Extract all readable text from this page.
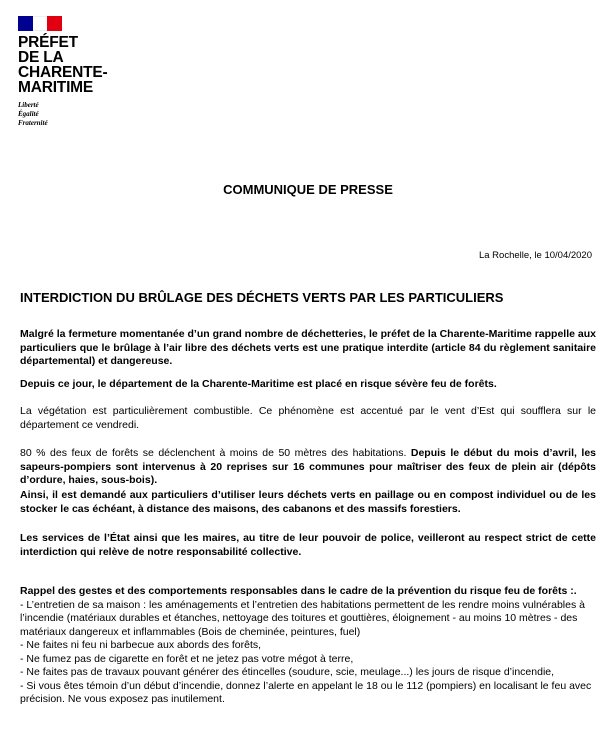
PRÉFET
DE LA
CHARENTE-
MARITIME
Liberté
Égalité
Fraternité
COMMUNIQUE DE PRESSE
La Rochelle, le 10/04/2020
INTERDICTION DU BRÛLAGE DES DÉCHETS VERTS PAR LES PARTICULIERS
Malgré la fermeture momentanée d’un grand nombre de déchetteries, le préfet de la Charente-Maritime rappelle aux particuliers que le brûlage à l’air libre des déchets verts est une pratique interdite (article 84 du règlement sanitaire départemental) et dangereuse.
Depuis ce jour, le département de la Charente-Maritime est placé en risque sévère feu de forêts.
La végétation est particulièrement combustible. Ce phénomène est accentué par le vent d’Est qui soufflera sur le département ce vendredi.
80 % des feux de forêts se déclenchent à moins de 50 mètres des habitations. Depuis le début du mois d’avril, les sapeurs-pompiers sont intervenus à 20 reprises sur 16 communes pour maîtriser des feux de plein air (dépôts d’ordure, haies, sous-bois).
Ainsi, il est demandé aux particuliers d’utiliser leurs déchets verts en paillage ou en compost individuel ou de les stocker le cas échéant, à distance des maisons, des cabanons et des massifs forestiers.
Les services de l’État ainsi que les maires, au titre de leur pouvoir de police, veilleront au respect strict de cette interdiction qui relève de notre responsabilité collective.
Rappel des gestes et des comportements responsables dans le cadre de la prévention du risque feu de forêts :.
- L’entretien de sa maison : les aménagements et l’entretien des habitations permettent de les rendre moins vulnérables à l’incendie (matériaux durables et étanches, nettoyage des toitures et gouttières, éloignement - au moins 10 mètres - des matériaux dangereux et inflammables (Bois de cheminée, peintures, fuel)
- Ne faites ni feu ni barbecue aux abords des forêts,
- Ne fumez pas de cigarette en forêt et ne jetez pas votre mégot à terre,
- Ne faites pas de travaux pouvant générer des étincelles (soudure, scie, meulage...) les jours de risque d’incendie,
- Si vous êtes témoin d’un début d’incendie, donnez l’alerte en appelant le 18 ou le 112 (pompiers) en localisant le feu avec précision. Ne vous exposez pas inutilement.
